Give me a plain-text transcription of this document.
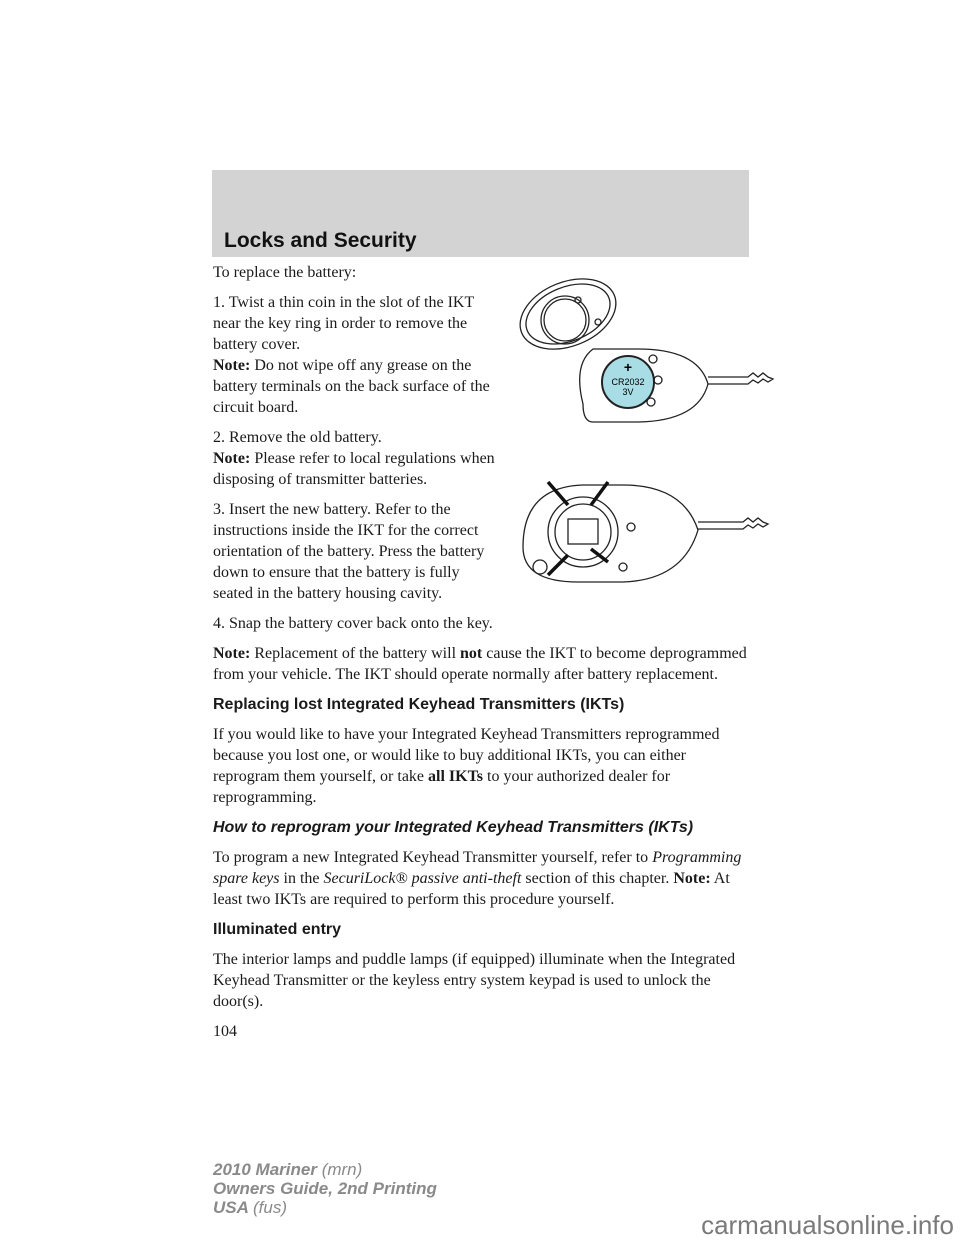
Locks and Security
+
CR2032
3V

To replace the battery:

1. Twist a thin coin in the slot of the IKT near the key ring in order to remove the battery cover.
Note: Do not wipe off any grease on the battery terminals on the back surface of the circuit board.

2. Remove the old battery.
Note: Please refer to local regulations when disposing of transmitter batteries.

3. Insert the new battery. Refer to the instructions inside the IKT for the correct orientation of the battery. Press the battery down to ensure that the battery is fully seated in the battery housing cavity.

4. Snap the battery cover back onto the key.

Note: Replacement of the battery will not cause the IKT to become deprogrammed from your vehicle. The IKT should operate normally after battery replacement.

Replacing lost Integrated Keyhead Transmitters (IKTs)

If you would like to have your Integrated Keyhead Transmitters reprogrammed because you lost one, or would like to buy additional IKTs, you can either reprogram them yourself, or take all IKTs to your authorized dealer for reprogramming.

How to reprogram your Integrated Keyhead Transmitters (IKTs)

To program a new Integrated Keyhead Transmitter yourself, refer to Programming spare keys in the SecuriLock® passive anti-theft section of this chapter. Note: At least two IKTs are required to perform this procedure yourself.

Illuminated entry

The interior lamps and puddle lamps (if equipped) illuminate when the Integrated Keyhead Transmitter or the keyless entry system keypad is used to unlock the door(s).

104

2010 Mariner (mrn)
Owners Guide, 2nd Printing
USA (fus)
carmanualsonline.info
